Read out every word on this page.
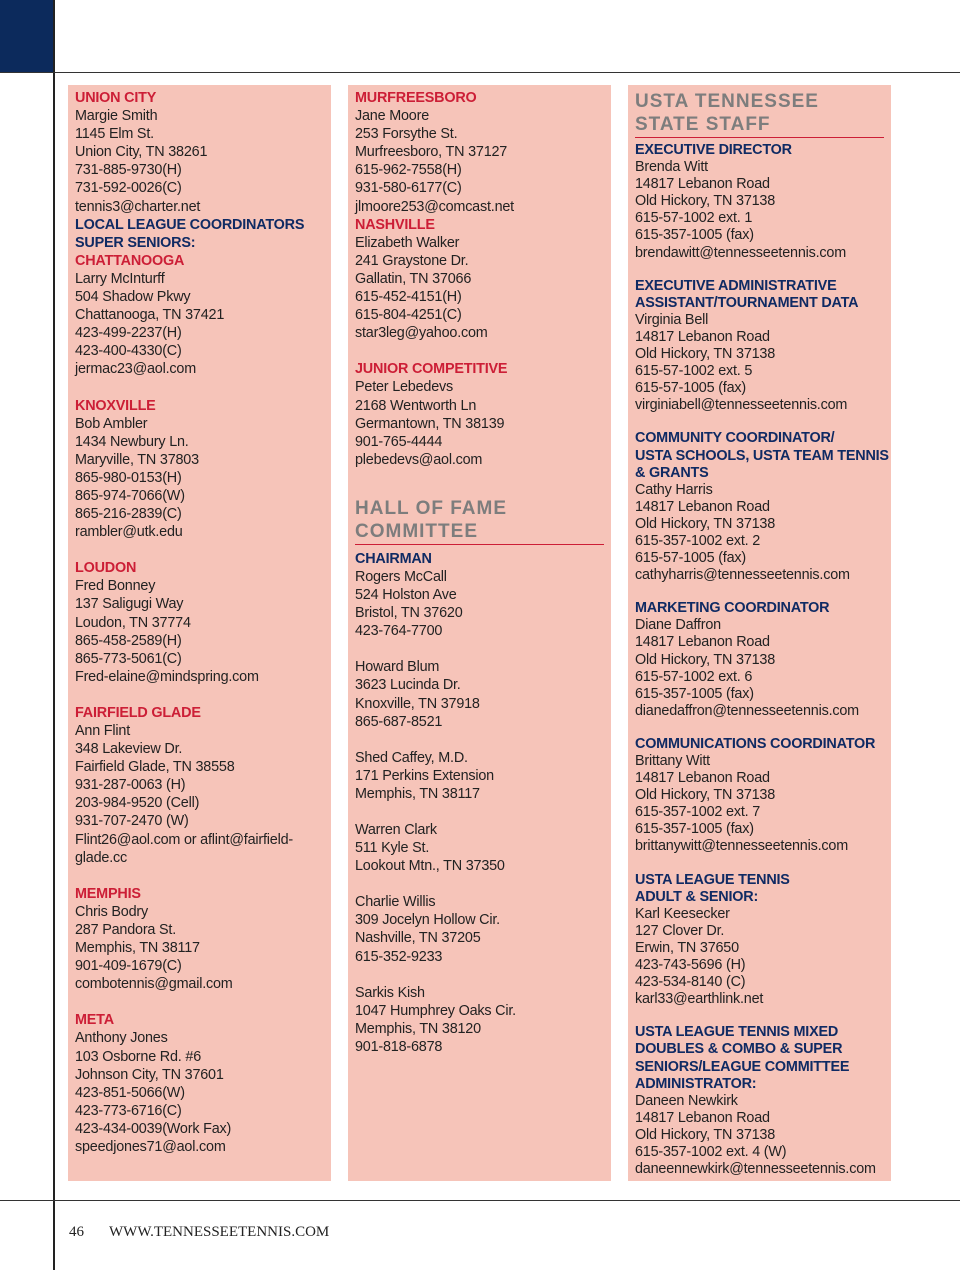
UNION CITY
Margie Smith
1145 Elm St.
Union City, TN 38261
731-885-9730(H)
731-592-0026(C)
tennis3@charter.net
LOCAL LEAGUE COORDINATORS
SUPER SENIORS:
CHATTANOOGA
Larry McInturff
504 Shadow Pkwy
Chattanooga, TN 37421
423-499-2237(H)
423-400-4330(C)
jermac23@aol.com
KNOXVILLE
Bob Ambler
1434 Newbury Ln.
Maryville, TN 37803
865-980-0153(H)
865-974-7066(W)
865-216-2839(C)
rambler@utk.edu
LOUDON
Fred Bonney
137 Saligugi Way
Loudon, TN 37774
865-458-2589(H)
865-773-5061(C)
Fred-elaine@mindspring.com
FAIRFIELD GLADE
Ann Flint
348 Lakeview Dr.
Fairfield Glade, TN 38558
931-287-0063 (H)
203-984-9520 (Cell)
931-707-2470 (W)
Flint26@aol.com or aflint@fairfield-
glade.cc
MEMPHIS
Chris Bodry
287 Pandora St.
Memphis, TN 38117
901-409-1679(C)
combotennis@gmail.com
META
Anthony Jones
103 Osborne Rd. #6
Johnson City, TN 37601
423-851-5066(W)
423-773-6716(C)
423-434-0039(Work Fax)
speedjones71@aol.com
MURFREESBORO
Jane Moore
253 Forsythe St.
Murfreesboro, TN 37127
615-962-7558(H)
931-580-6177(C)
jlmoore253@comcast.net
NASHVILLE
Elizabeth Walker
241 Graystone Dr.
Gallatin, TN 37066
615-452-4151(H)
615-804-4251(C)
star3leg@yahoo.com
JUNIOR COMPETITIVE
Peter Lebedevs
2168 Wentworth Ln
Germantown, TN 38139
901-765-4444
plebedevs@aol.com
HALL OF FAME
COMMITTEE
CHAIRMAN
Rogers McCall
524 Holston Ave
Bristol, TN 37620
423-764-7700
Howard Blum
3623 Lucinda Dr.
Knoxville, TN 37918
865-687-8521
Shed Caffey, M.D.
171 Perkins Extension
Memphis, TN 38117
Warren Clark
511 Kyle St.
Lookout Mtn., TN 37350
Charlie Willis
309 Jocelyn Hollow Cir.
Nashville, TN 37205
615-352-9233
Sarkis Kish
1047 Humphrey Oaks Cir.
Memphis, TN 38120
901-818-6878
USTA TENNESSEE
STATE STAFF
EXECUTIVE DIRECTOR
Brenda Witt
14817 Lebanon Road
Old Hickory, TN 37138
615-57-1002 ext. 1
615-357-1005 (fax)
brendawitt@tennesseetennis.com
EXECUTIVE ADMINISTRATIVE
ASSISTANT/TOURNAMENT DATA
Virginia Bell
14817 Lebanon Road
Old Hickory, TN 37138
615-57-1002 ext. 5
615-57-1005 (fax)
virginiabell@tennesseetennis.com
COMMUNITY COORDINATOR/
USTA SCHOOLS, USTA TEAM TENNIS
& GRANTS
Cathy Harris
14817 Lebanon Road
Old Hickory, TN 37138
615-357-1002 ext. 2
615-57-1005 (fax)
cathyharris@tennesseetennis.com
MARKETING COORDINATOR
Diane Daffron
14817 Lebanon Road
Old Hickory, TN 37138
615-57-1002 ext. 6
615-357-1005 (fax)
dianedaffron@tennesseetennis.com
COMMUNICATIONS COORDINATOR
Brittany Witt
14817 Lebanon Road
Old Hickory, TN 37138
615-357-1002 ext. 7
615-357-1005 (fax)
brittanywitt@tennesseetennis.com
USTA LEAGUE TENNIS
ADULT & SENIOR:
Karl Keesecker
127 Clover Dr.
Erwin, TN 37650
423-743-5696 (H)
423-534-8140 (C)
karl33@earthlink.net
USTA LEAGUE TENNIS MIXED
DOUBLES & COMBO & SUPER
SENIORS/LEAGUE COMMITTEE
ADMINISTRATOR:
Daneen Newkirk
14817 Lebanon Road
Old Hickory, TN 37138
615-357-1002 ext. 4 (W)
daneennewkirk@tennesseetennis.com
46 WWW.TENNESSEETENNIS.COM
